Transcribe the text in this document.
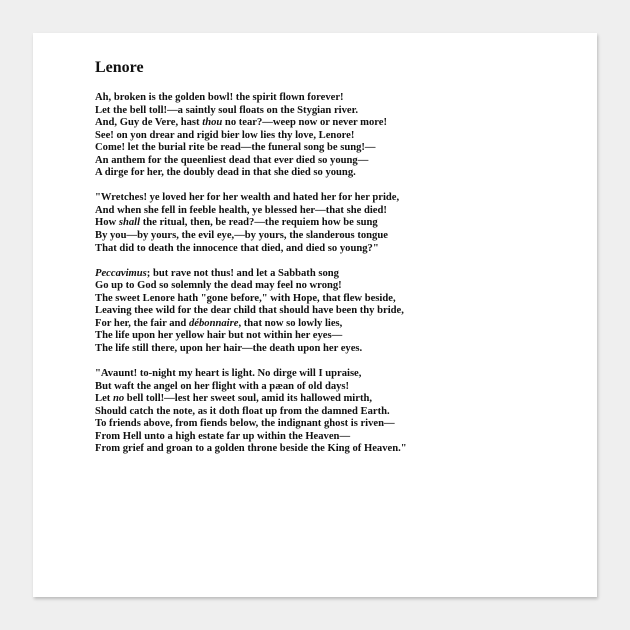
Lenore
Ah, broken is the golden bowl! the spirit flown forever!
Let the bell toll!—a saintly soul floats on the Stygian river.
And, Guy de Vere, hast thou no tear?—weep now or never more!
See! on yon drear and rigid bier low lies thy love, Lenore!
Come! let the burial rite be read—the funeral song be sung!—
An anthem for the queenliest dead that ever died so young—
A dirge for her, the doubly dead in that she died so young.
"Wretches! ye loved her for her wealth and hated her for her pride,
And when she fell in feeble health, ye blessed her—that she died!
How shall the ritual, then, be read?—the requiem how be sung
By you—by yours, the evil eye,—by yours, the slanderous tongue
That did to death the innocence that died, and died so young?"
Peccavimus; but rave not thus! and let a Sabbath song
Go up to God so solemnly the dead may feel no wrong!
The sweet Lenore hath "gone before," with Hope, that flew beside,
Leaving thee wild for the dear child that should have been thy bride,
For her, the fair and débonnaire, that now so lowly lies,
The life upon her yellow hair but not within her eyes—
The life still there, upon her hair—the death upon her eyes.
"Avaunt! to-night my heart is light. No dirge will I upraise,
But waft the angel on her flight with a pæan of old days!
Let no bell toll!—lest her sweet soul, amid its hallowed mirth,
Should catch the note, as it doth float up from the damned Earth.
To friends above, from fiends below, the indignant ghost is riven—
From Hell unto a high estate far up within the Heaven—
From grief and groan to a golden throne beside the King of Heaven."
